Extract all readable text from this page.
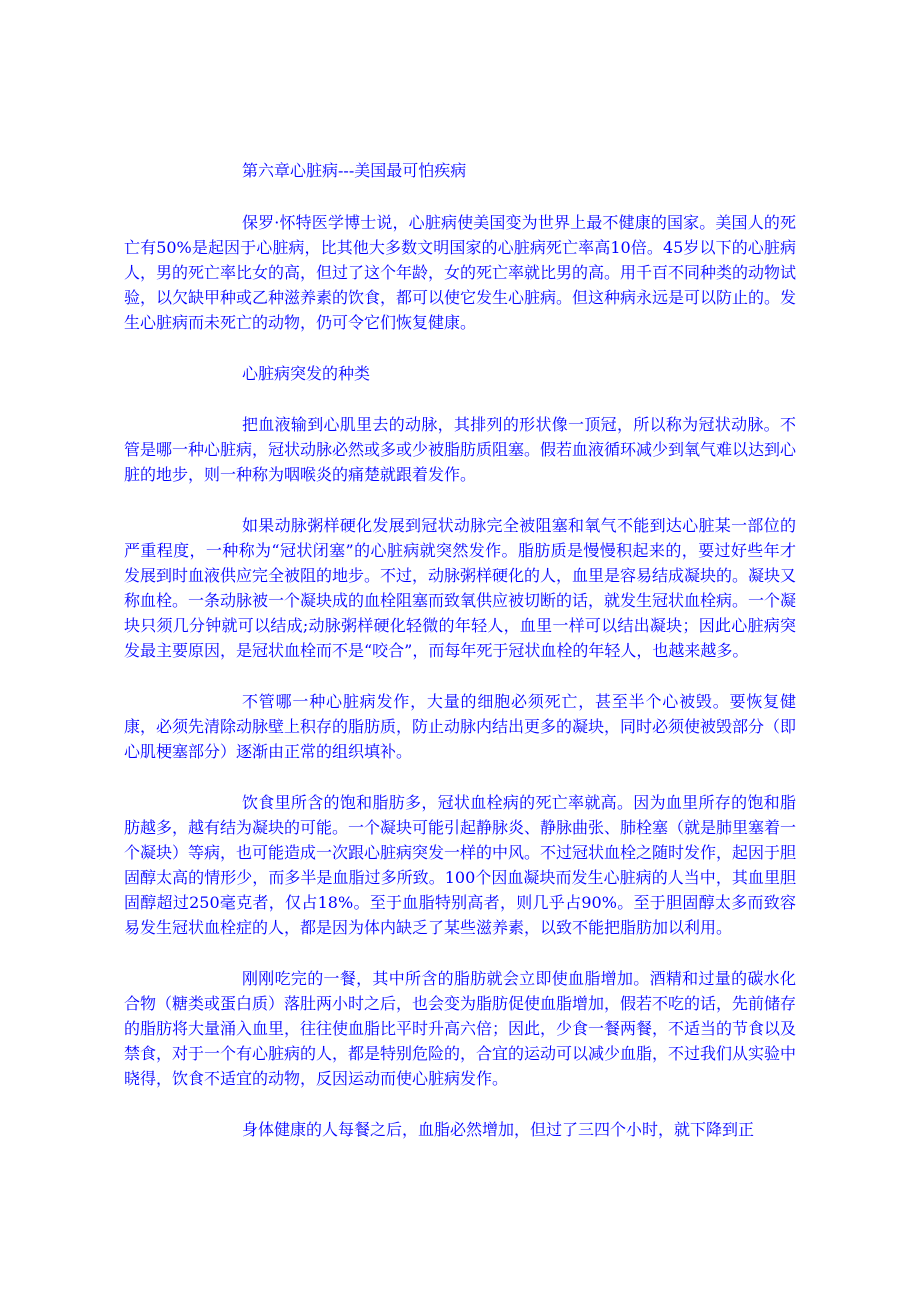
第六章心脏病---美国最可怕疾病

保罗·怀特医学博士说，心脏病使美国变为世界上最不健康的国家。美国人的死亡有50%是起因于心脏病，比其他大多数文明国家的心脏病死亡率高10倍。45岁以下的心脏病人，男的死亡率比女的高，但过了这个年龄，女的死亡率就比男的高。用千百不同种类的动物试验，以欠缺甲种或乙种滋养素的饮食，都可以使它发生心脏病。但这种病永远是可以防止的。发生心脏病而未死亡的动物，仍可令它们恢复健康。

心脏病突发的种类

把血液输到心肌里去的动脉，其排列的形状像一顶冠，所以称为冠状动脉。不管是哪一种心脏病，冠状动脉必然或多或少被脂肪质阻塞。假若血液循环减少到氧气难以达到心脏的地步，则一种称为咽喉炎的痛楚就跟着发作。

如果动脉粥样硬化发展到冠状动脉完全被阻塞和氧气不能到达心脏某一部位的严重程度，一种称为“冠状闭塞”的心脏病就突然发作。脂肪质是慢慢积起来的，要过好些年才发展到时血液供应完全被阻的地步。不过，动脉粥样硬化的人，血里是容易结成凝块的。凝块又称血栓。一条动脉被一个凝块成的血栓阻塞而致氧供应被切断的话，就发生冠状血栓病。一个凝块只须几分钟就可以结成;动脉粥样硬化轻微的年轻人，血里一样可以结出凝块；因此心脏病突发最主要原因，是冠状血栓而不是“咬合”，而每年死于冠状血栓的年轻人，也越来越多。

不管哪一种心脏病发作，大量的细胞必须死亡，甚至半个心被毁。要恢复健康，必须先清除动脉壁上积存的脂肪质，防止动脉内结出更多的凝块，同时必须使被毁部分（即心肌梗塞部分）逐渐由正常的组织填补。

饮食里所含的饱和脂肪多，冠状血栓病的死亡率就高。因为血里所存的饱和脂肪越多，越有结为凝块的可能。一个凝块可能引起静脉炎、静脉曲张、肺栓塞（就是肺里塞着一个凝块）等病，也可能造成一次跟心脏病突发一样的中风。不过冠状血栓之随时发作，起因于胆固醇太高的情形少，而多半是血脂过多所致。100个因血凝块而发生心脏病的人当中，其血里胆固醇超过250毫克者，仅占18%。至于血脂特别高者，则几乎占90%。至于胆固醇太多而致容易发生冠状血栓症的人，都是因为体内缺乏了某些滋养素，以致不能把脂肪加以利用。

刚刚吃完的一餐，其中所含的脂肪就会立即使血脂增加。酒精和过量的碳水化合物（糖类或蛋白质）落肚两小时之后，也会变为脂肪促使血脂增加，假若不吃的话，先前储存的脂肪将大量涌入血里，往往使血脂比平时升高六倍；因此，少食一餐两餐，不适当的节食以及禁食，对于一个有心脏病的人，都是特别危险的，合宜的运动可以减少血脂，不过我们从实验中晓得，饮食不适宜的动物，反因运动而使心脏病发作。

身体健康的人每餐之后，血脂必然增加，但过了三四个小时，就下降到正
